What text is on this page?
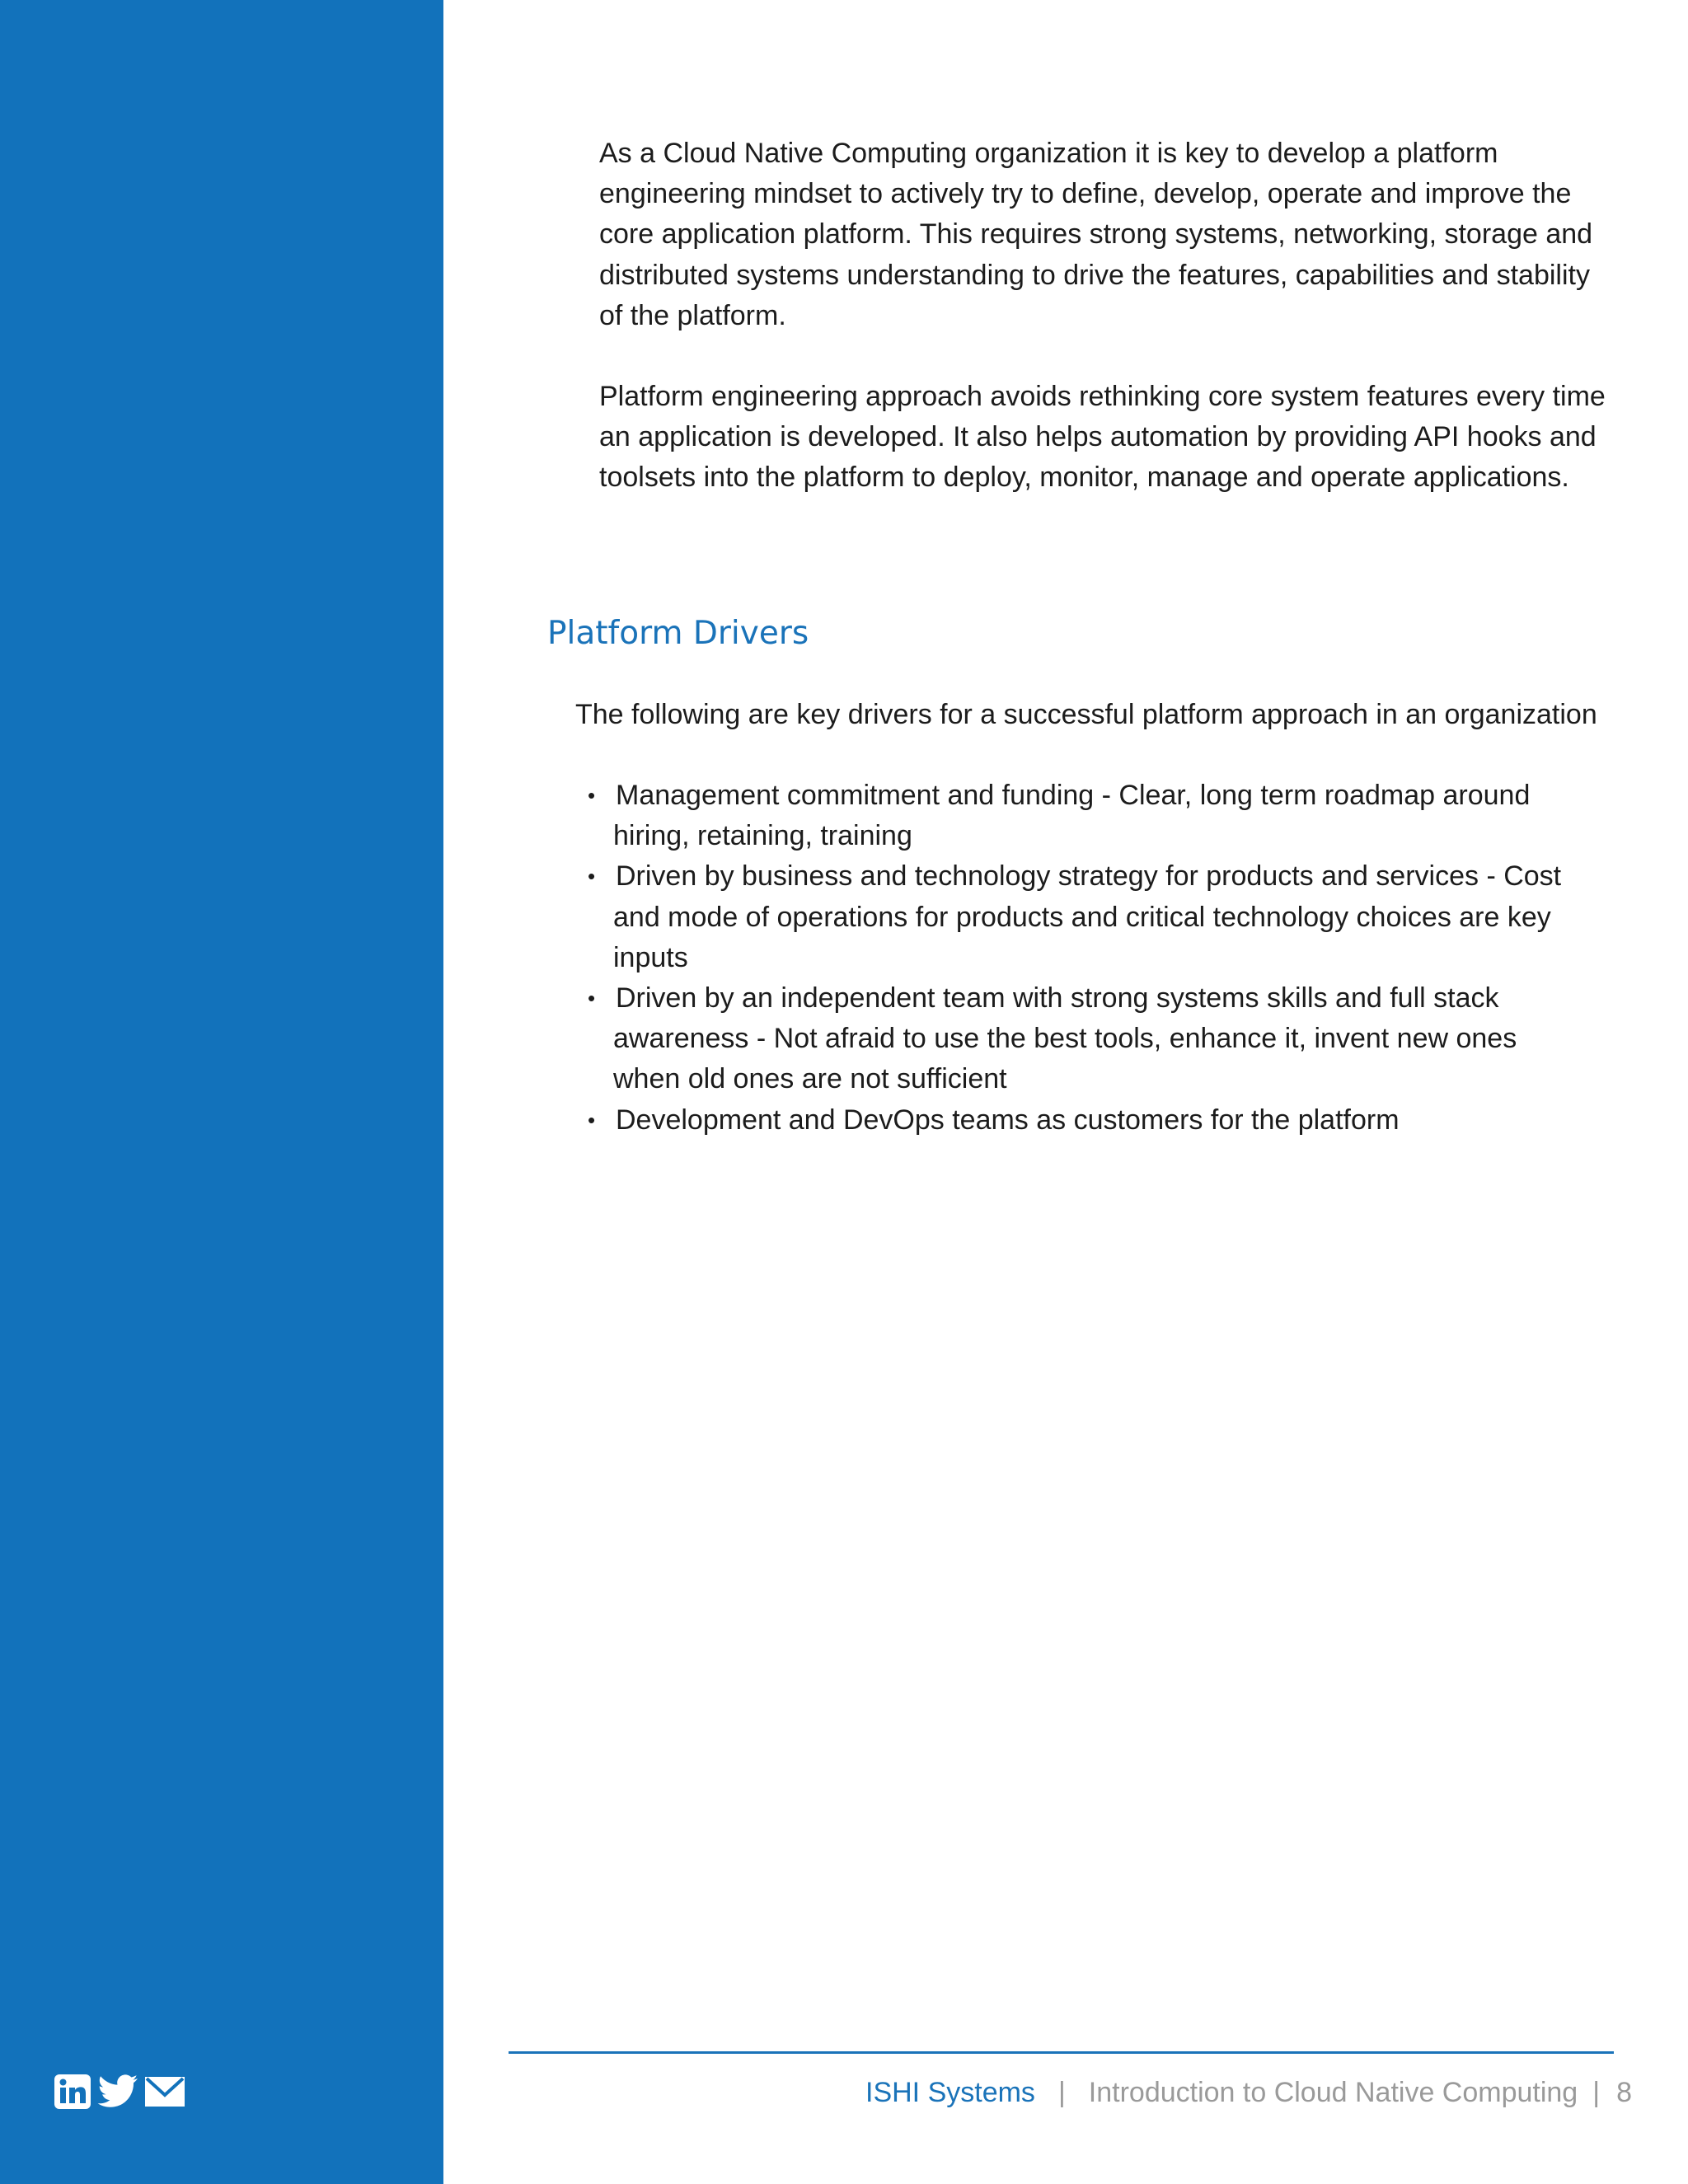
As a Cloud Native Computing organization it is key to develop a platform engineering mindset to actively try to define, develop, operate and improve the core application platform. This requires strong systems, networking, storage and distributed systems understanding to drive the features, capabilities and stability of the platform.

Platform engineering approach avoids rethinking core system features every time an application is developed. It also helps automation by providing API hooks and toolsets into the platform to deploy, monitor, manage and operate applications.

Platform Drivers

The following are key drivers for a successful platform approach in an organization

• Management commitment and funding - Clear, long term roadmap around hiring, retaining, training
• Driven by business and technology strategy for products and services - Cost and mode of operations for products and critical technology choices are key inputs
• Driven by an independent team with strong systems skills and full stack awareness - Not afraid to use the best tools, enhance it, invent new ones when old ones are not sufficient
• Development and DevOps teams as customers for the platform
ISHI Systems | Introduction to Cloud Native Computing | 8
